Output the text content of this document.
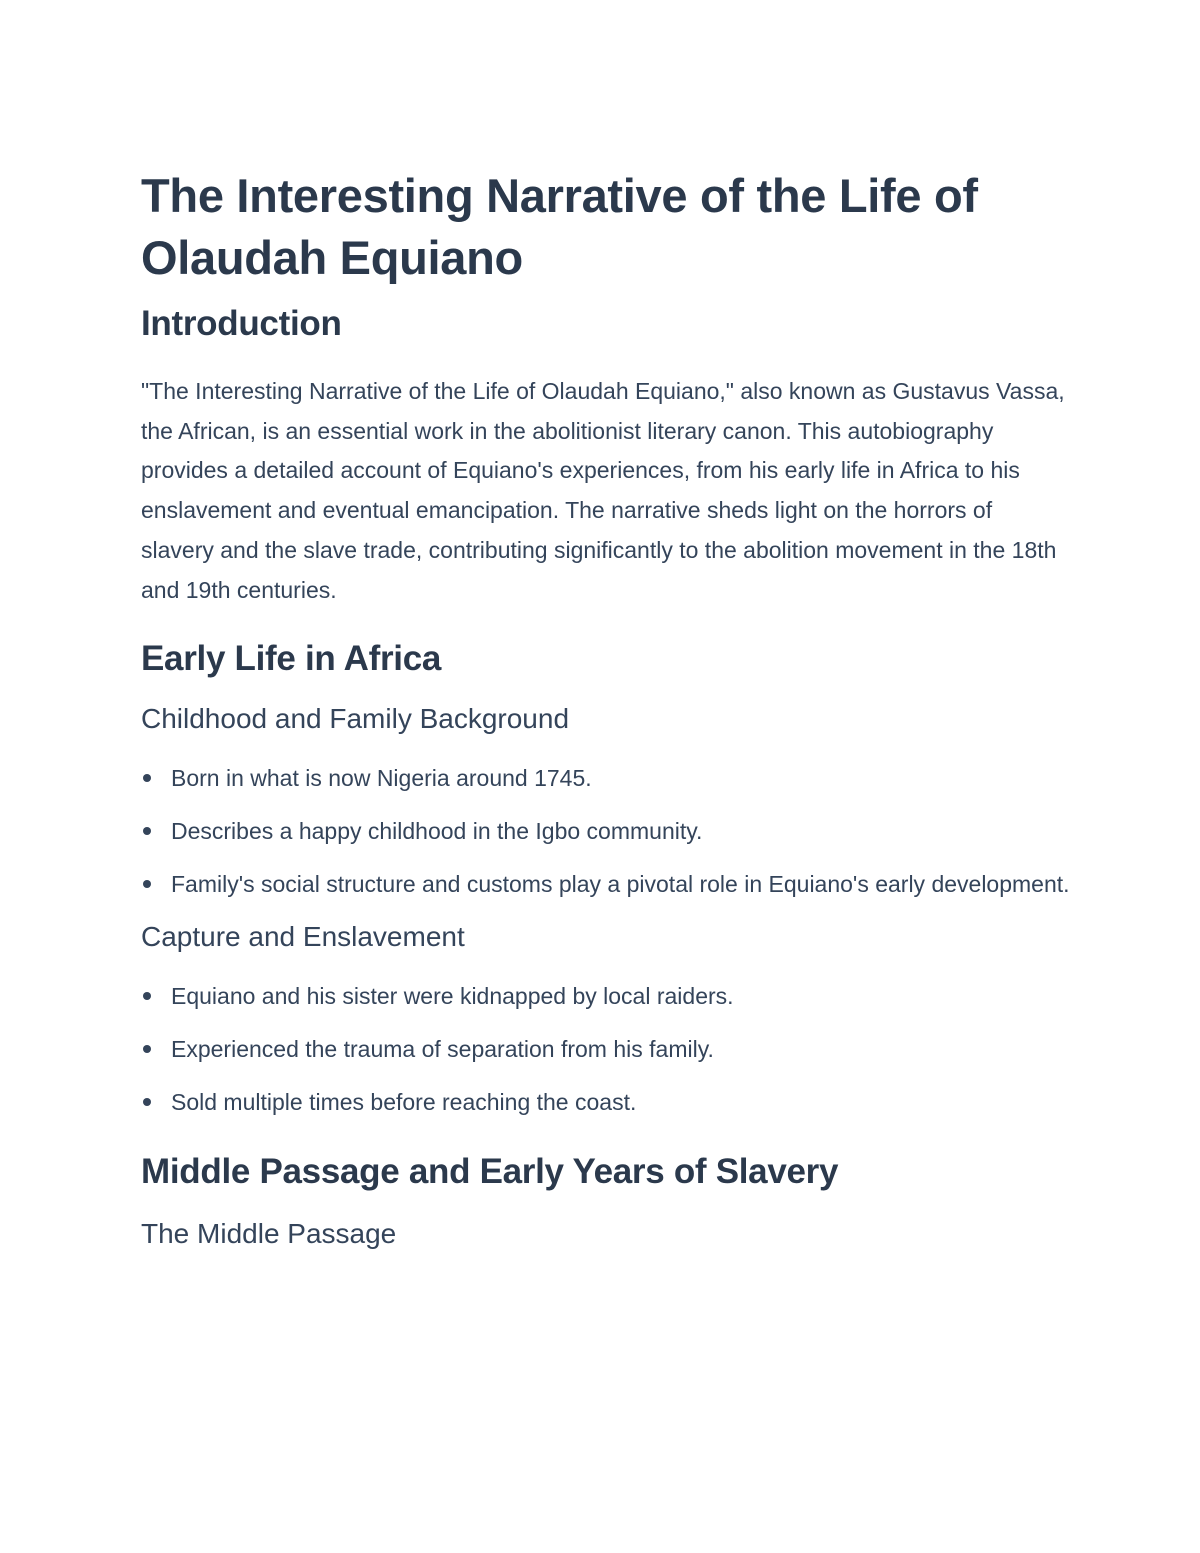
The Interesting Narrative of the Life of Olaudah Equiano
Introduction

"The Interesting Narrative of the Life of Olaudah Equiano," also known as Gustavus Vassa, the African, is an essential work in the abolitionist literary canon. This autobiography provides a detailed account of Equiano's experiences, from his early life in Africa to his enslavement and eventual emancipation. The narrative sheds light on the horrors of slavery and the slave trade, contributing significantly to the abolition movement in the 18th and 19th centuries.

Early Life in Africa
Childhood and Family Background
Born in what is now Nigeria around 1745.
Describes a happy childhood in the Igbo community.
Family's social structure and customs play a pivotal role in Equiano's early development.
Capture and Enslavement
Equiano and his sister were kidnapped by local raiders.
Experienced the trauma of separation from his family.
Sold multiple times before reaching the coast.
Middle Passage and Early Years of Slavery
The Middle Passage
